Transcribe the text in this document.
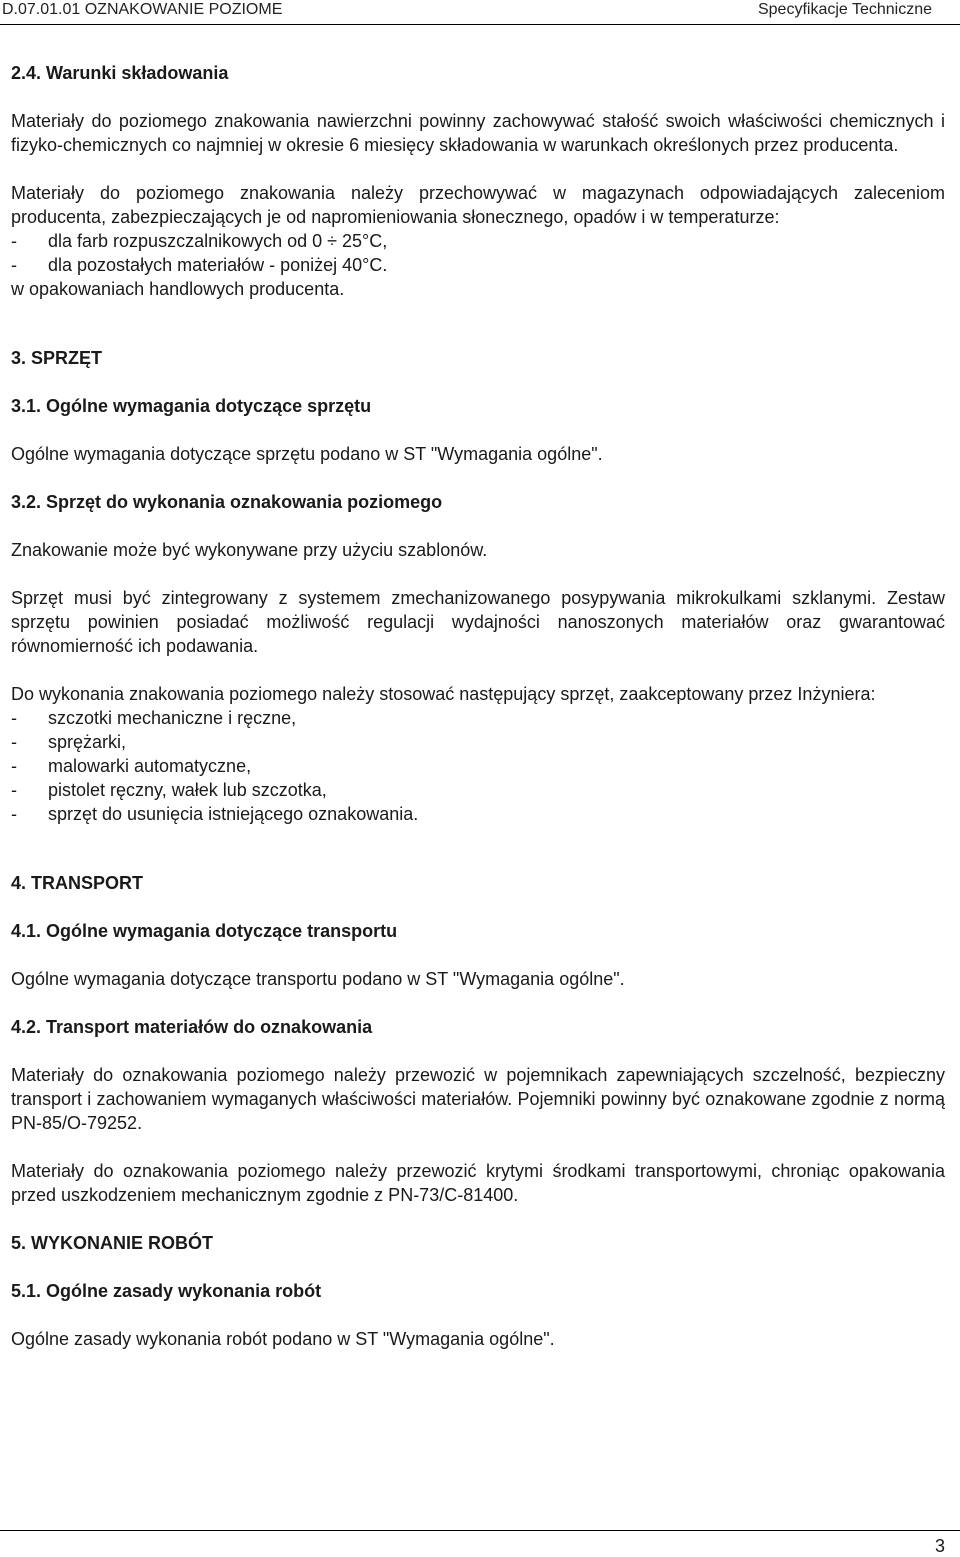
D.07.01.01 OZNAKOWANIE POZIOME	Specyfikacje Techniczne

2.4. Warunki składowania

Materiały do poziomego znakowania nawierzchni powinny zachowywać stałość swoich właściwości chemicznych i fizyko-chemicznych co najmniej w okresie 6 miesięcy składowania w warunkach określonych przez producenta.

Materiały do poziomego znakowania należy przechowywać w magazynach odpowiadających zaleceniom producenta, zabezpieczających je od napromieniowania słonecznego, opadów i w temperaturze:

-	dla farb rozpuszczalnikowych od 0 ÷ 25°C,
-	dla pozostałych materiałów - poniżej 40°C.

w opakowaniach handlowych producenta.

3. SPRZĘT

3.1. Ogólne wymagania dotyczące sprzętu

Ogólne wymagania dotyczące sprzętu podano w ST "Wymagania ogólne".

3.2. Sprzęt do wykonania oznakowania poziomego

Znakowanie może być wykonywane przy użyciu szablonów.

Sprzęt musi być zintegrowany z systemem zmechanizowanego posypywania mikrokulkami szklanymi. Zestaw sprzętu powinien posiadać możliwość regulacji wydajności nanoszonych materiałów oraz gwarantować równomierność ich podawania.

Do wykonania znakowania poziomego należy stosować następujący sprzęt, zaakceptowany przez Inżyniera:

-	szczotki mechaniczne i ręczne,
-	sprężarki,
-	malowarki automatyczne,
-	pistolet ręczny, wałek lub szczotka,
-	sprzęt do usunięcia istniejącego oznakowania.

4. TRANSPORT

4.1. Ogólne wymagania dotyczące transportu

Ogólne wymagania dotyczące transportu podano w ST "Wymagania ogólne".

4.2. Transport materiałów do oznakowania

Materiały do oznakowania poziomego należy przewozić w pojemnikach zapewniających szczelność, bezpieczny transport i zachowaniem wymaganych właściwości materiałów. Pojemniki powinny być oznakowane zgodnie z normą PN-85/O-79252.

Materiały do oznakowania poziomego należy przewozić krytymi środkami transportowymi, chroniąc opakowania przed uszkodzeniem mechanicznym zgodnie z PN-73/C-81400.

5. WYKONANIE ROBÓT

5.1. Ogólne zasady wykonania robót

Ogólne zasady wykonania robót podano w ST "Wymagania ogólne".

3
